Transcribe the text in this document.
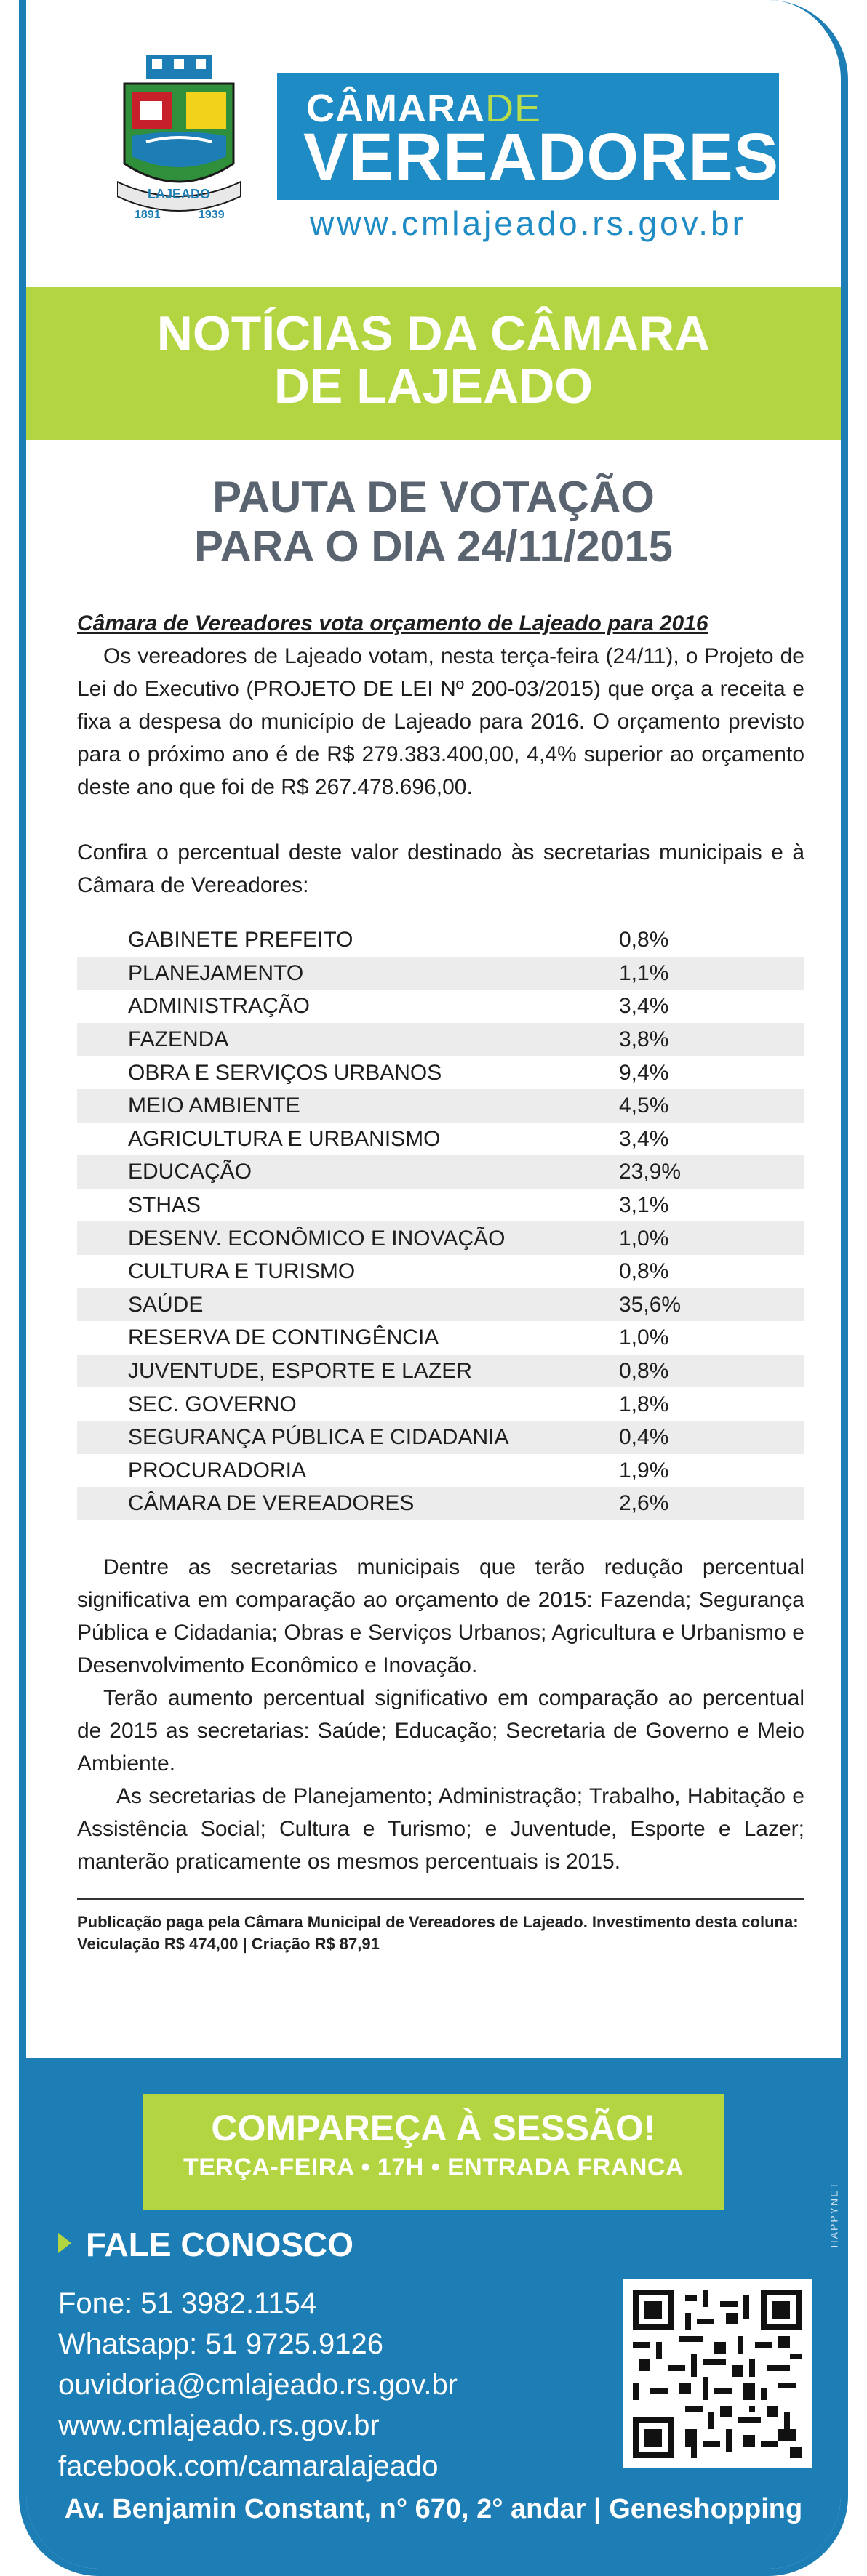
LAJEADO
1891	1939
CÂMARADE
VEREADORES
www.cmlajeado.rs.gov.br
NOTÍCIAS DA CÂMARA
DE LAJEADO
PAUTA DE VOTAÇÃO
PARA O DIA 24/11/2015
Câmara de Vereadores vota orçamento de Lajeado para 2016
Os vereadores de Lajeado votam, nesta terça-feira (24/11), o Projeto de Lei do Executivo (PROJETO DE LEI Nº 200-03/2015) que orça a receita e fixa a despesa do município de Lajeado para 2016. O orçamento previsto para o próximo ano é de R$ 279.383.400,00, 4,4% superior ao orçamento deste ano que foi de R$ 267.478.696,00.
Confira o percentual deste valor destinado às secretarias municipais e à Câmara de Vereadores:
GABINETE PREFEITO	0,8%
PLANEJAMENTO	1,1%
ADMINISTRAÇÃO	3,4%
FAZENDA	3,8%
OBRA E SERVIÇOS URBANOS	9,4%
MEIO AMBIENTE	4,5%
AGRICULTURA E URBANISMO	3,4%
EDUCAÇÃO	23,9%
STHAS	3,1%
DESENV. ECONÔMICO E INOVAÇÃO	1,0%
CULTURA E TURISMO	0,8%
SAÚDE	35,6%
RESERVA DE CONTINGÊNCIA	1,0%
JUVENTUDE, ESPORTE E LAZER	0,8%
SEC. GOVERNO	1,8%
SEGURANÇA PÚBLICA E CIDADANIA	0,4%
PROCURADORIA	1,9%
CÂMARA DE VEREADORES	2,6%
Dentre as secretarias municipais que terão redução percentual significativa em comparação ao orçamento de 2015: Fazenda; Segurança Pública e Cidadania; Obras e Serviços Urbanos; Agricultura e Urbanismo e Desenvolvimento Econômico e Inovação.
Terão aumento percentual significativo em comparação ao percentual de 2015 as secretarias: Saúde; Educação; Secretaria de Governo e Meio Ambiente.
As secretarias de Planejamento; Administração; Trabalho, Habitação e Assistência Social; Cultura e Turismo; e Juventude, Esporte e Lazer; manterão praticamente os mesmos percentuais is 2015.
Publicação paga pela Câmara Municipal de Vereadores de Lajeado. Investimento desta coluna: Veiculação R$ 474,00 | Criação R$ 87,91
COMPAREÇA À SESSÃO!
TERÇA-FEIRA • 17H • ENTRADA FRANCA
HAPPYNET
FALE CONOSCO
Fone: 51 3982.1154
Whatsapp: 51 9725.9126
ouvidoria@cmlajeado.rs.gov.br
www.cmlajeado.rs.gov.br
facebook.com/camaralajeado
Av. Benjamin Constant, n° 670, 2° andar | Geneshopping
